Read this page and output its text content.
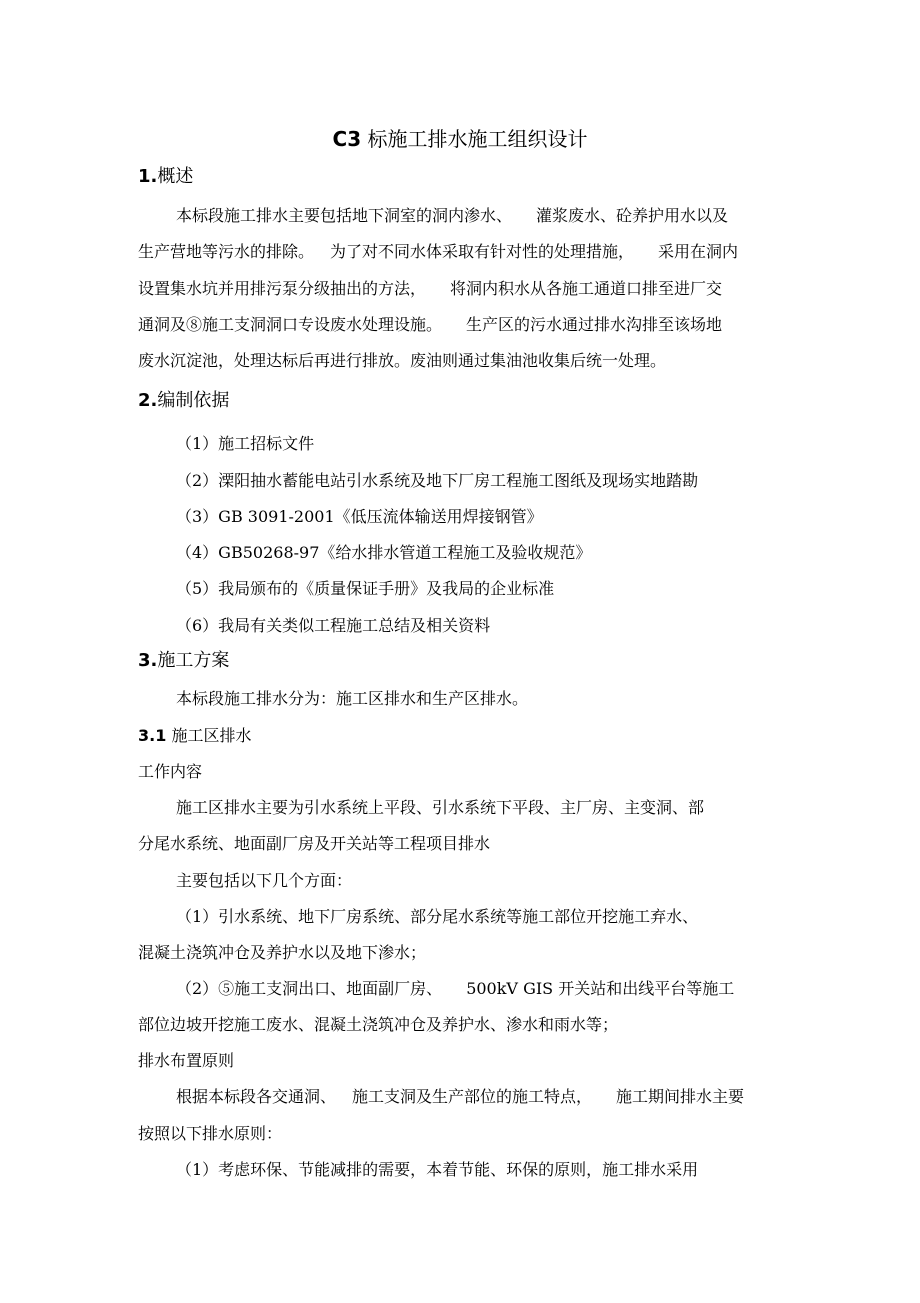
C3 标施工排水施工组织设计
1.概述
本标段施工排水主要包括地下洞室的洞内渗水、 灌浆废水、砼养护用水以及
生产营地等污水的排除。 为了对不同水体采取有针对性的处理措施， 采用在洞内
设置集水坑并用排污泵分级抽出的方法， 将洞内积水从各施工通道口排至进厂交
通洞及⑧施工支洞洞口专设废水处理设施。 生产区的污水通过排水沟排至该场地
废水沉淀池，处理达标后再进行排放。废油则通过集油池收集后统一处理。
2.编制依据
（1）施工招标文件
（2）溧阳抽水蓄能电站引水系统及地下厂房工程施工图纸及现场实地踏勘
（3）GB 3091-2001《低压流体输送用焊接钢管》
（4）GB50268-97《给水排水管道工程施工及验收规范》
（5）我局颁布的《质量保证手册》及我局的企业标准
（6）我局有关类似工程施工总结及相关资料
3.施工方案
本标段施工排水分为：施工区排水和生产区排水。
3.1 施工区排水
工作内容
施工区排水主要为引水系统上平段、引水系统下平段、主厂房、主变洞、部
分尾水系统、地面副厂房及开关站等工程项目排水
主要包括以下几个方面：
（1）引水系统、地下厂房系统、部分尾水系统等施工部位开挖施工弃水、
混凝土浇筑冲仓及养护水以及地下渗水；
（2）⑤施工支洞出口、地面副厂房、 500kV GIS 开关站和出线平台等施工
部位边坡开挖施工废水、混凝土浇筑冲仓及养护水、渗水和雨水等；
排水布置原则
根据本标段各交通洞、 施工支洞及生产部位的施工特点， 施工期间排水主要
按照以下排水原则：
（1）考虑环保、节能减排的需要，本着节能、环保的原则，施工排水采用
